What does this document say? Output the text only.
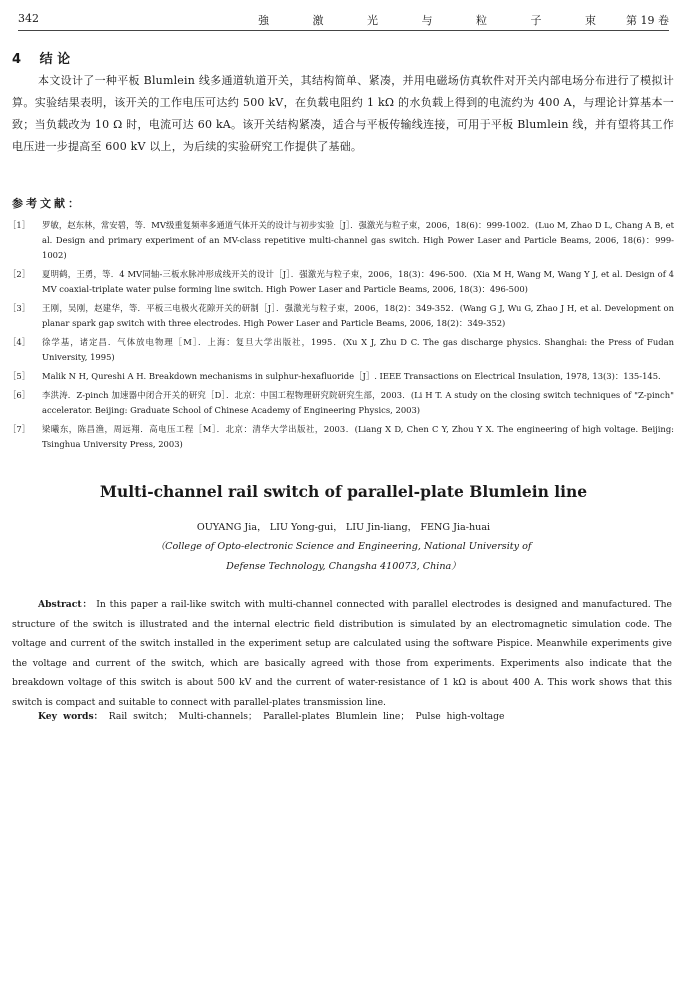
342	強 激 光 与 粒 子 束 第 19 卷
4 结 论

本文设计了一种平板 Blumlein 线多通道轨道开关，其结构简单、紧凑，并用电磁场仿真软件对开关内部电场分布进行了模拟计算。实验结果表明，该开关的工作电压可达约 500 kV，在负载电阻约 1 kΩ 的水负载上得到的电流约为 400 A，与理论计算基本一致；当负载改为 10 Ω 时，电流可达 60 kA。该开关结构紧凑，适合与平板传输线连接，可用于平板 Blumlein 线，并有望将其工作电压进一步提高至 600 kV 以上，为后续的实验研究工作提供了基础。

参考文献：
［1］	罗敏，赵东林，常安碧，等．MV级重复频率多通道气体开关的设计与初步实验［J］．强激光与粒子束，2006，18(6)：999-1002．(Luo M, Zhao D L, Chang A B, et al. Design and primary experiment of an MV-class repetitive multi-channel gas switch. High Power Laser and Particle Beams, 2006, 18(6)：999-1002)
［2］	夏明鹤，王勇，等．4 MV同轴-三板水脉冲形成线开关的设计［J］．强激光与粒子束，2006，18(3)：496-500．(Xia M H, Wang M, Wang Y J, et al. Design of 4 MV coaxial-triplate water pulse forming line switch. High Power Laser and Particle Beams, 2006, 18(3)：496-500)
［3］	王刚，吴刚，赵建华，等．平板三电极火花隙开关的研制［J］．强激光与粒子束，2006，18(2)：349-352．(Wang G J, Wu G, Zhao J H, et al. Development on planar spark gap switch with three electrodes. High Power Laser and Particle Beams, 2006, 18(2)：349-352)
［4］	徐学基，诸定昌．气体放电物理［M］．上海：复旦大学出版社，1995．(Xu X J, Zhu D C. The gas discharge physics. Shanghai: the Press of Fudan University, 1995)
［5］	Malik N H, Qureshi A H. Breakdown mechanisms in sulphur-hexafluoride［J］. IEEE Transactions on Electrical Insulation, 1978, 13(3)：135-145.
［6］	李洪涛．Z-pinch 加速器中闭合开关的研究［D］．北京：中国工程物理研究院研究生部，2003．(Li H T. A study on the closing switch techniques of "Z-pinch" accelerator. Beijing: Graduate School of Chinese Academy of Engineering Physics, 2003)
［7］	梁曦东，陈昌渔，周远翔．高电压工程［M］．北京：清华大学出版社，2003．(Liang X D, Chen C Y, Zhou Y X. The engineering of high voltage. Beijing: Tsinghua University Press, 2003)
Multi-channel rail switch of parallel-plate Blumlein line
OUYANG Jia， LIU Yong-gui， LIU Jin-liang， FENG Jia-huai
（College of Opto-electronic Science and Engineering, National University of Defense Technology, Changsha 410073, China）

Abstract： In this paper a rail-like switch with multi-channel connected with parallel electrodes is designed and manufactured. The structure of the switch is illustrated and the internal electric field distribution is simulated by an electromagnetic simulation code. The voltage and current of the switch installed in the experiment setup are calculated using the software Pispice. Meanwhile experiments give the voltage and current of the switch, which are basically agreed with those from experiments. Experiments also indicate that the breakdown voltage of this switch is about 500 kV and the current of water-resistance of 1 kΩ is about 400 A. This work shows that this switch is compact and suitable to connect with parallel-plates transmission line.

Key words： Rail switch； Multi-channels； Parallel-plates Blumlein line； Pulse high-voltage
